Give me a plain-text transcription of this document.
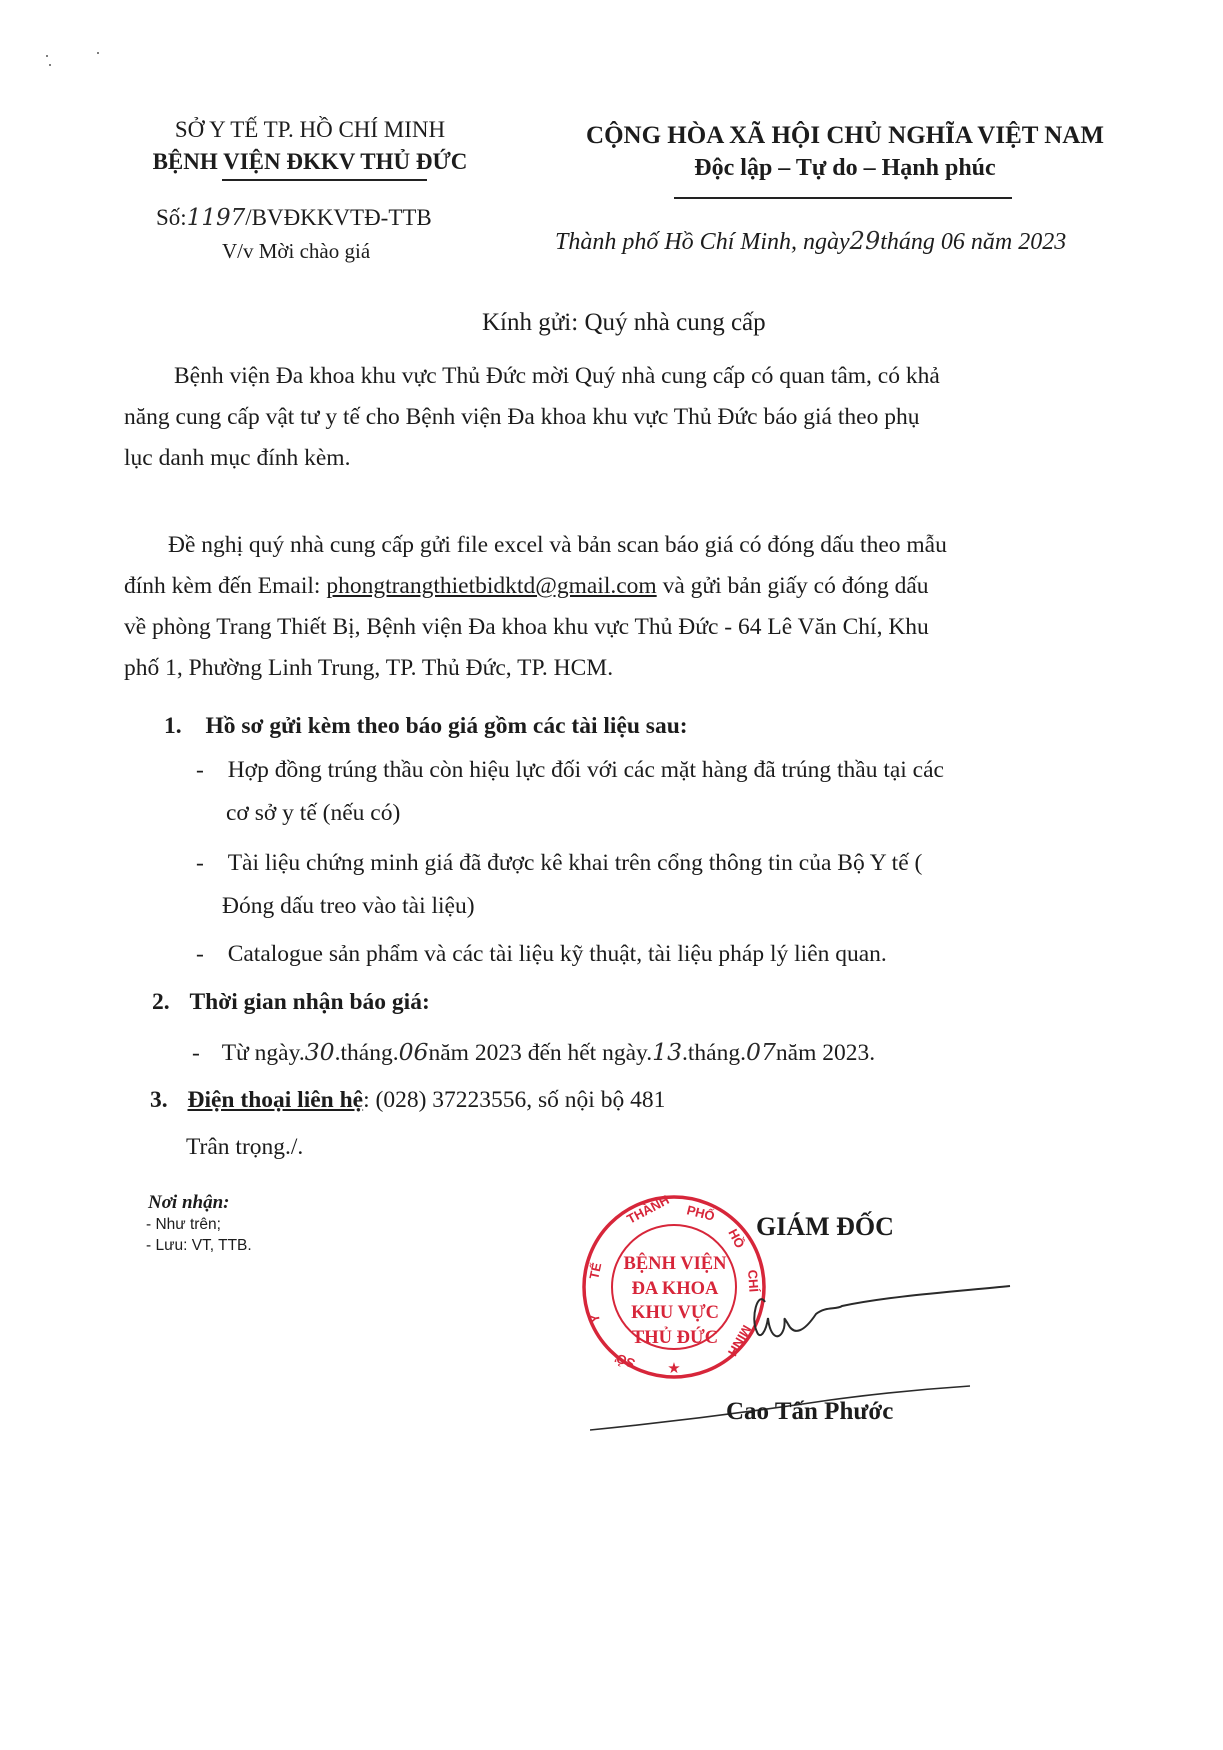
SỞ Y TẾ TP. HỒ CHÍ MINH
BỆNH VIỆN ĐKKV THỦ ĐỨC
Số:1197/BVĐKKVTĐ-TTB
V/v Mời chào giá
CỘNG HÒA XÃ HỘI CHỦ NGHĨA VIỆT NAM
Độc lập – Tự do – Hạnh phúc
Thành phố Hồ Chí Minh, ngày29tháng 06 năm 2023
Kính gửi: Quý nhà cung cấp

Bệnh viện Đa khoa khu vực Thủ Đức mời Quý nhà cung cấp có quan tâm, có khả

năng cung cấp vật tư y tế cho Bệnh viện Đa khoa khu vực Thủ Đức báo giá theo phụ

lục danh mục đính kèm.

Đề nghị quý nhà cung cấp gửi file excel và bản scan báo giá có đóng dấu theo mẫu

đính kèm đến Email: phongtrangthietbidktd@gmail.com và gửi bản giấy có đóng dấu

về phòng Trang Thiết Bị, Bệnh viện Đa khoa khu vực Thủ Đức - 64 Lê Văn Chí, Khu

phố 1, Phường Linh Trung, TP. Thủ Đức, TP. HCM.

1. Hồ sơ gửi kèm theo báo giá gồm các tài liệu sau:
- Hợp đồng trúng thầu còn hiệu lực đối với các mặt hàng đã trúng thầu tại các
cơ sở y tế (nếu có)
- Tài liệu chứng minh giá đã được kê khai trên cổng thông tin của Bộ Y tế (
Đóng dấu treo vào tài liệu)
- Catalogue sản phẩm và các tài liệu kỹ thuật, tài liệu pháp lý liên quan.
2. Thời gian nhận báo giá:
- Từ ngày.30.tháng.06năm 2023 đến hết ngày.13.tháng.07năm 2023.
3. Điện thoại liên hệ: (028) 37223556, số nội bộ 481
Trân trọng./.
Nơi nhận:
- Như trên;
- Lưu: VT, TTB.
GIÁM ĐỐC
THÀNH PHỐ
HỒ
CHÍ
MINH
SỞ
Y
TẾ
★
BỆNH VIỆN
ĐA KHOA
KHU VỰC
THỦ ĐỨC
Cao Tấn Phước
